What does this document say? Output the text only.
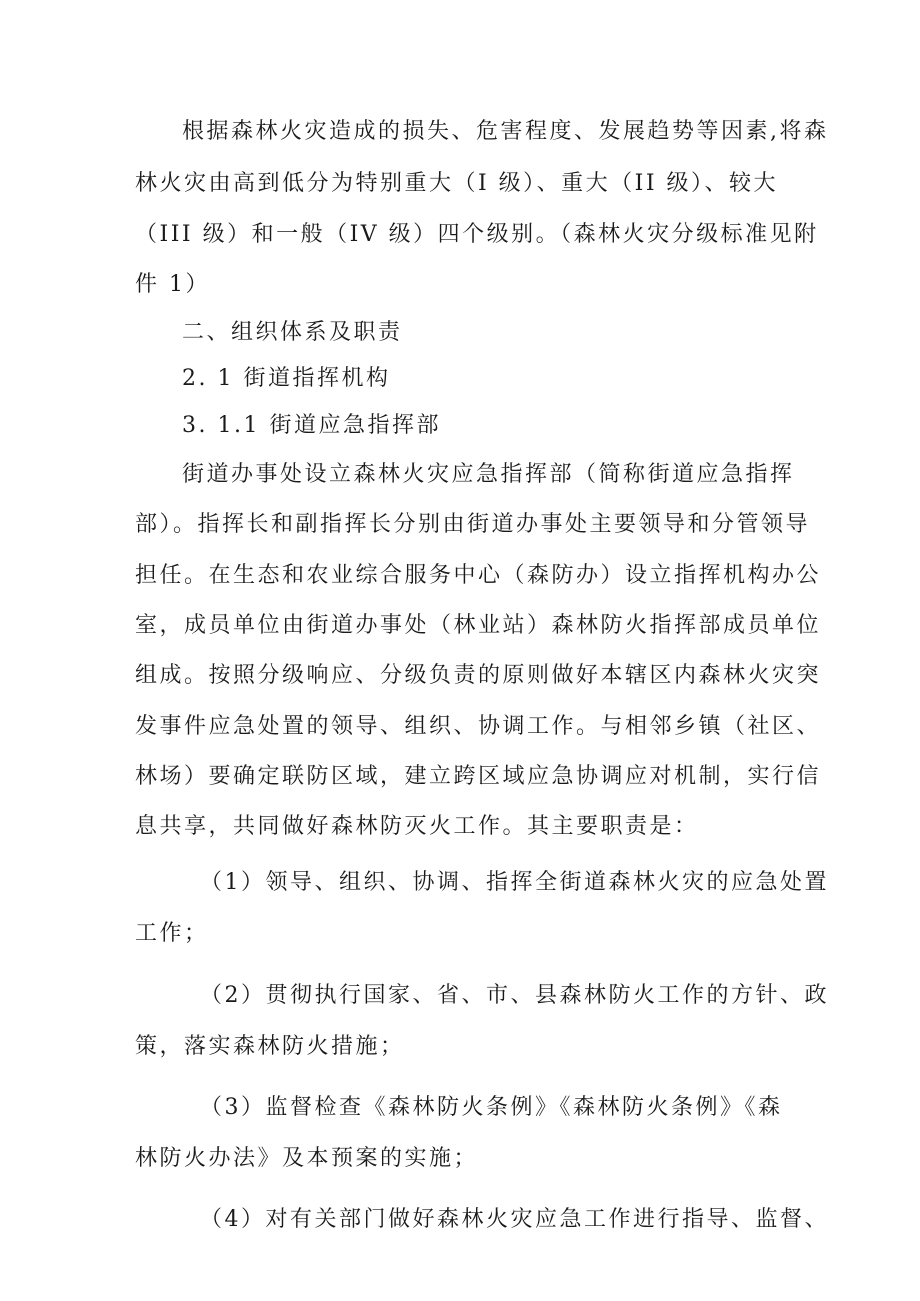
根据森林火灾造成的损失、危害程度、发展趋势等因素,将森
林火灾由高到低分为特别重大（I 级）、重大（II 级）、较大
（III 级）和一般（IV 级）四个级别。（森林火灾分级标准见附
件 1）
二、组织体系及职责
2. 1 街道指挥机构
3. 1.1 街道应急指挥部
街道办事处设立森林火灾应急指挥部（简称街道应急指挥
部）。指挥长和副指挥长分别由街道办事处主要领导和分管领导
担任。在生态和农业综合服务中心（森防办）设立指挥机构办公
室，成员单位由街道办事处（林业站）森林防火指挥部成员单位
组成。按照分级响应、分级负责的原则做好本辖区内森林火灾突
发事件应急处置的领导、组织、协调工作。与相邻乡镇（社区、
林场）要确定联防区域，建立跨区域应急协调应对机制，实行信
息共享，共同做好森林防灭火工作。其主要职责是：
（1）领导、组织、协调、指挥全街道森林火灾的应急处置
工作；
（2）贯彻执行国家、省、市、县森林防火工作的方针、政
策，落实森林防火措施；
（3）监督检查《森林防火条例》《森林防火条例》《森
林防火办法》及本预案的实施；
（4）对有关部门做好森林火灾应急工作进行指导、监督、
